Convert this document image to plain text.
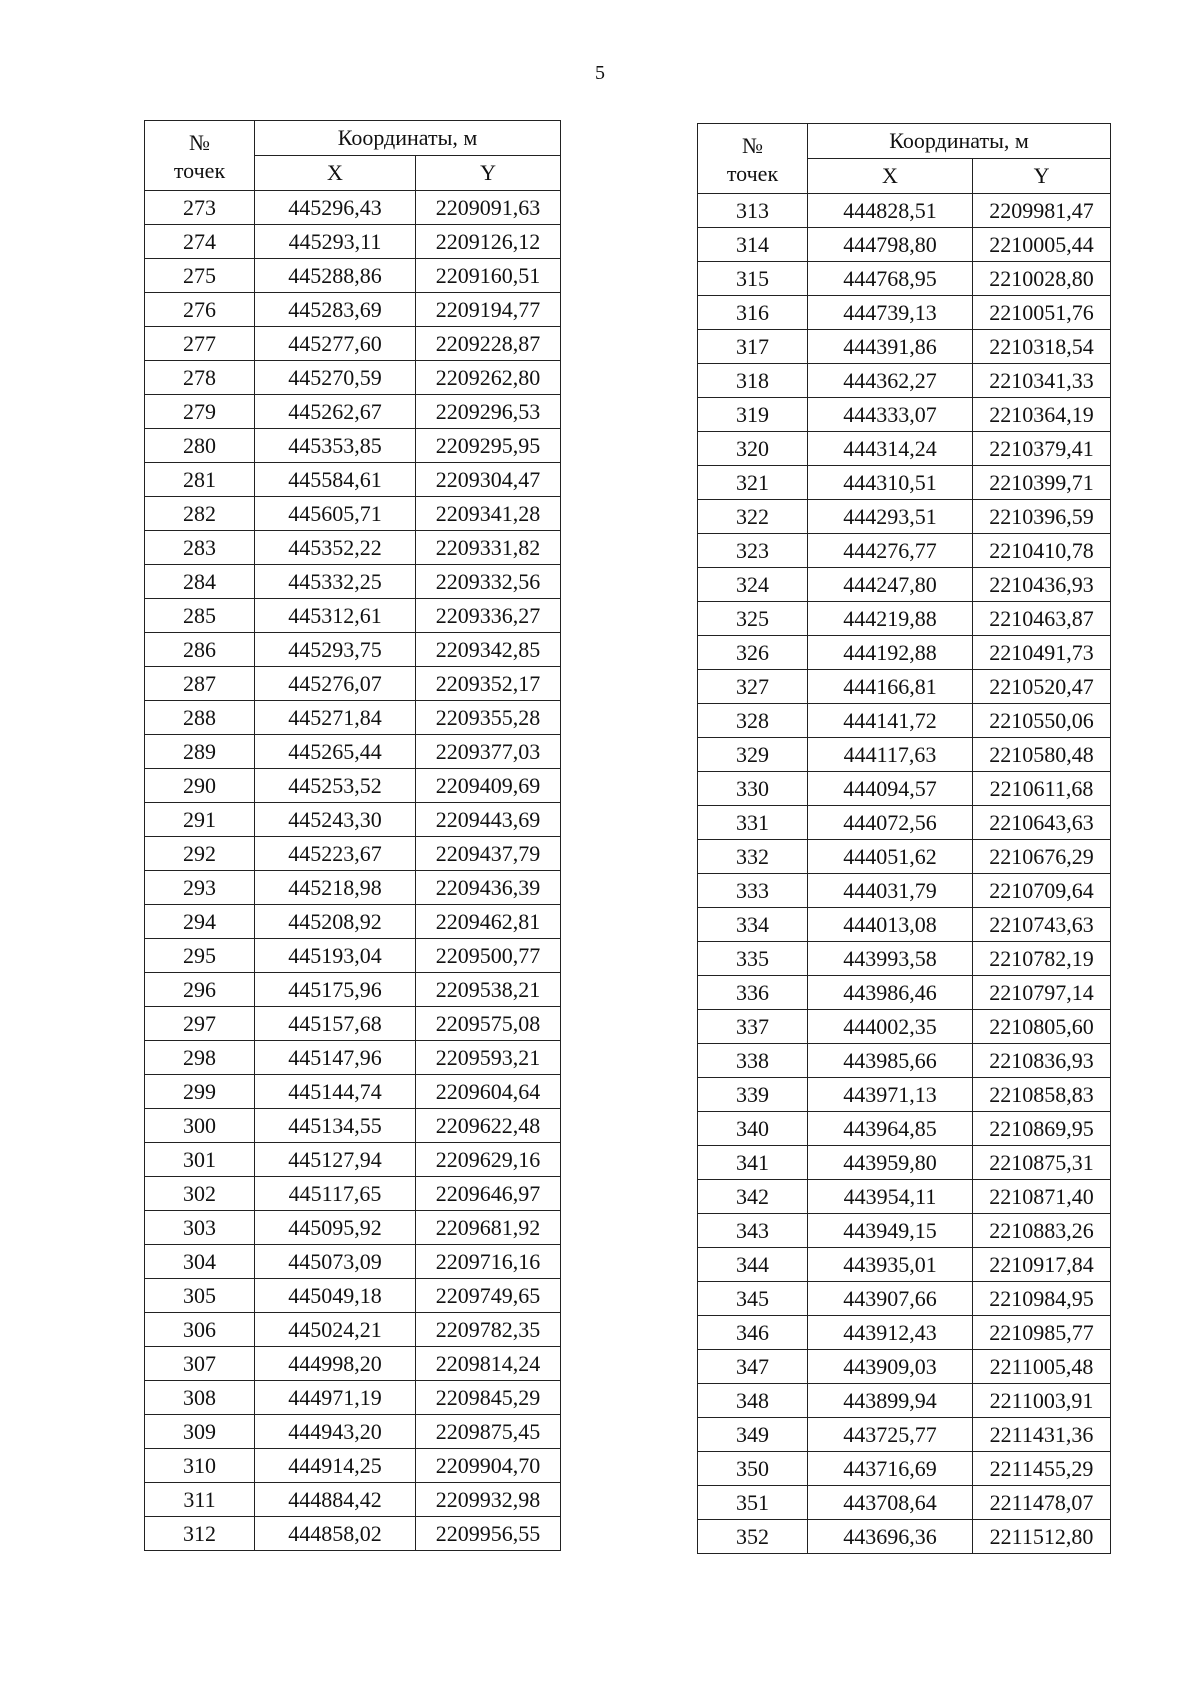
5
№
точек	Координаты, м	
	X	Y
273	445296,43	2209091,63
274	445293,11	2209126,12
275	445288,86	2209160,51
276	445283,69	2209194,77
277	445277,60	2209228,87
278	445270,59	2209262,80
279	445262,67	2209296,53
280	445353,85	2209295,95
281	445584,61	2209304,47
282	445605,71	2209341,28
283	445352,22	2209331,82
284	445332,25	2209332,56
285	445312,61	2209336,27
286	445293,75	2209342,85
287	445276,07	2209352,17
288	445271,84	2209355,28
289	445265,44	2209377,03
290	445253,52	2209409,69
291	445243,30	2209443,69
292	445223,67	2209437,79
293	445218,98	2209436,39
294	445208,92	2209462,81
295	445193,04	2209500,77
296	445175,96	2209538,21
297	445157,68	2209575,08
298	445147,96	2209593,21
299	445144,74	2209604,64
300	445134,55	2209622,48
301	445127,94	2209629,16
302	445117,65	2209646,97
303	445095,92	2209681,92
304	445073,09	2209716,16
305	445049,18	2209749,65
306	445024,21	2209782,35
307	444998,20	2209814,24
308	444971,19	2209845,29
309	444943,20	2209875,45
310	444914,25	2209904,70
311	444884,42	2209932,98
312	444858,02	2209956,55
№
точек	Координаты, м	
	X	Y
313	444828,51	2209981,47
314	444798,80	2210005,44
315	444768,95	2210028,80
316	444739,13	2210051,76
317	444391,86	2210318,54
318	444362,27	2210341,33
319	444333,07	2210364,19
320	444314,24	2210379,41
321	444310,51	2210399,71
322	444293,51	2210396,59
323	444276,77	2210410,78
324	444247,80	2210436,93
325	444219,88	2210463,87
326	444192,88	2210491,73
327	444166,81	2210520,47
328	444141,72	2210550,06
329	444117,63	2210580,48
330	444094,57	2210611,68
331	444072,56	2210643,63
332	444051,62	2210676,29
333	444031,79	2210709,64
334	444013,08	2210743,63
335	443993,58	2210782,19
336	443986,46	2210797,14
337	444002,35	2210805,60
338	443985,66	2210836,93
339	443971,13	2210858,83
340	443964,85	2210869,95
341	443959,80	2210875,31
342	443954,11	2210871,40
343	443949,15	2210883,26
344	443935,01	2210917,84
345	443907,66	2210984,95
346	443912,43	2210985,77
347	443909,03	2211005,48
348	443899,94	2211003,91
349	443725,77	2211431,36
350	443716,69	2211455,29
351	443708,64	2211478,07
352	443696,36	2211512,80
